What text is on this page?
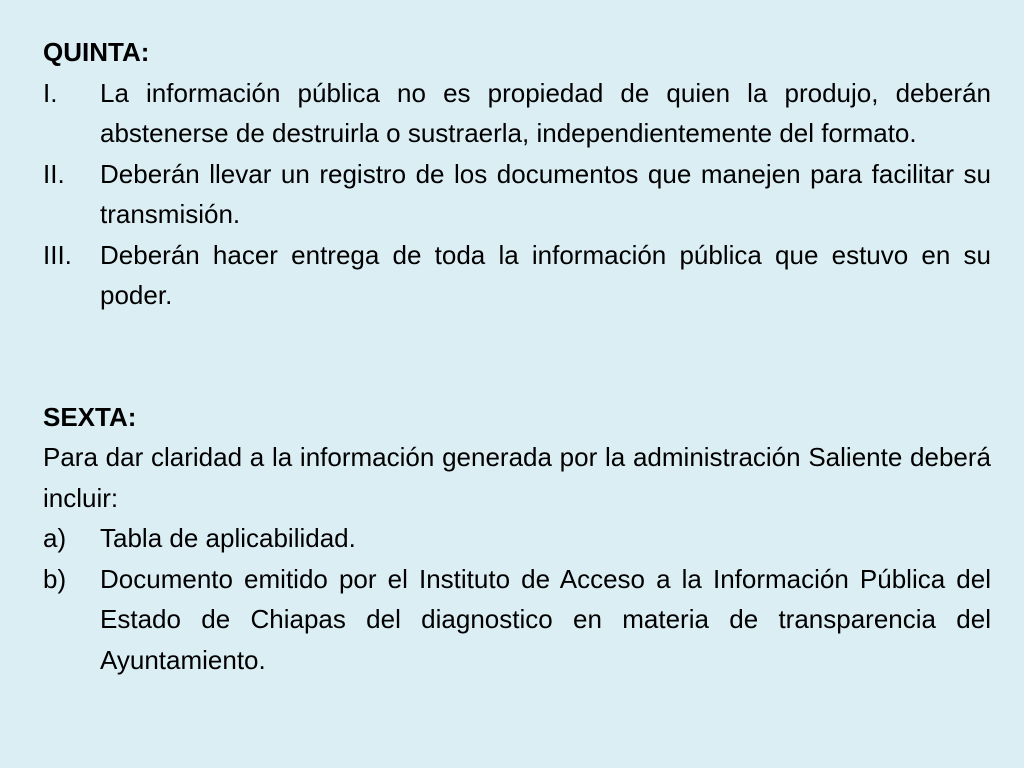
QUINTA:
I.	La información pública no es propiedad de quien la produjo, deberán abstenerse de destruirla o sustraerla, independientemente del formato.
II.	Deberán llevar un registro de los documentos que manejen para facilitar su transmisión.
III.	Deberán hacer entrega de toda la información pública que estuvo en su poder.
SEXTA:
Para dar claridad a la información generada por la administración Saliente deberá incluir:
a)	Tabla de aplicabilidad.
b)	Documento emitido por el Instituto de Acceso a la Información Pública del Estado de Chiapas del diagnostico en materia de transparencia del Ayuntamiento.
